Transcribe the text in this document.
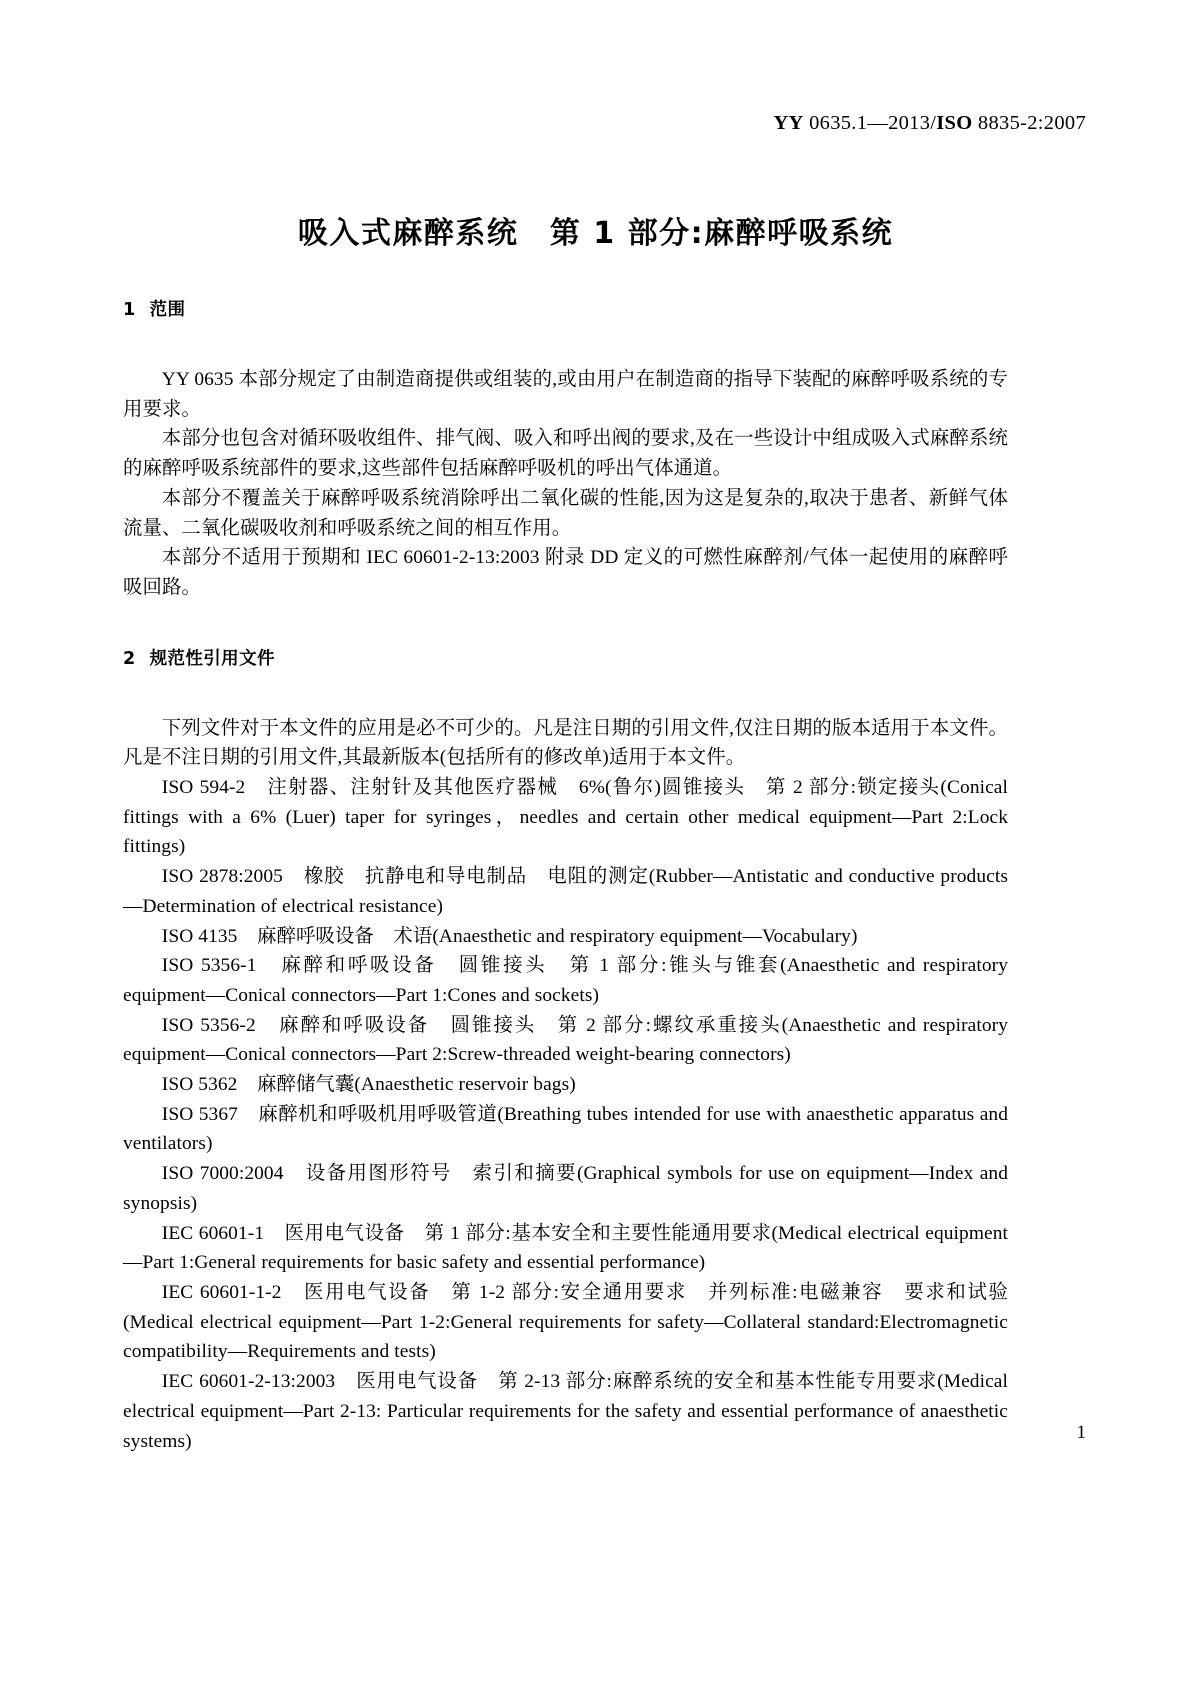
YY 0635.1—2013/ISO 8835-2:2007
吸入式麻醉系统　第 1 部分:麻醉呼吸系统
1 范围

YY 0635 本部分规定了由制造商提供或组装的,或由用户在制造商的指导下装配的麻醉呼吸系统的专用要求。

本部分也包含对循环吸收组件、排气阀、吸入和呼出阀的要求,及在一些设计中组成吸入式麻醉系统的麻醉呼吸系统部件的要求,这些部件包括麻醉呼吸机的呼出气体通道。

本部分不覆盖关于麻醉呼吸系统消除呼出二氧化碳的性能,因为这是复杂的,取决于患者、新鲜气体流量、二氧化碳吸收剂和呼吸系统之间的相互作用。

本部分不适用于预期和 IEC 60601-2-13:2003 附录 DD 定义的可燃性麻醉剂/气体一起使用的麻醉呼吸回路。

2 规范性引用文件

下列文件对于本文件的应用是必不可少的。凡是注日期的引用文件,仅注日期的版本适用于本文件。凡是不注日期的引用文件,其最新版本(包括所有的修改单)适用于本文件。

ISO 594-2　注射器、注射针及其他医疗器械　6%(鲁尔)圆锥接头　第 2 部分:锁定接头(Conical fittings with a 6% (Luer) taper for syringes，needles and certain other medical equipment—Part 2:Lock fittings)

ISO 2878:2005　橡胶　抗静电和导电制品　电阻的测定(Rubber—Antistatic and conductive products—Determination of electrical resistance)

ISO 4135　麻醉呼吸设备　术语(Anaesthetic and respiratory equipment—Vocabulary)

ISO 5356-1　麻醉和呼吸设备　圆锥接头　第 1 部分:锥头与锥套(Anaesthetic and respiratory equipment—Conical connectors—Part 1:Cones and sockets)

ISO 5356-2　麻醉和呼吸设备　圆锥接头　第 2 部分:螺纹承重接头(Anaesthetic and respiratory equipment—Conical connectors—Part 2:Screw-threaded weight-bearing connectors)

ISO 5362　麻醉储气囊(Anaesthetic reservoir bags)

ISO 5367　麻醉机和呼吸机用呼吸管道(Breathing tubes intended for use with anaesthetic apparatus and ventilators)

ISO 7000:2004　设备用图形符号　索引和摘要(Graphical symbols for use on equipment—Index and synopsis)

IEC 60601-1　医用电气设备　第 1 部分:基本安全和主要性能通用要求(Medical electrical equipment—Part 1:General requirements for basic safety and essential performance)

IEC 60601-1-2　医用电气设备　第 1-2 部分:安全通用要求　并列标准:电磁兼容　要求和试验(Medical electrical equipment—Part 1-2:General requirements for safety—Collateral standard:Electromagnetic compatibility—Requirements and tests)

IEC 60601-2-13:2003　医用电气设备　第 2-13 部分:麻醉系统的安全和基本性能专用要求(Medical electrical equipment—Part 2-13: Particular requirements for the safety and essential performance of anaesthetic systems)	1
